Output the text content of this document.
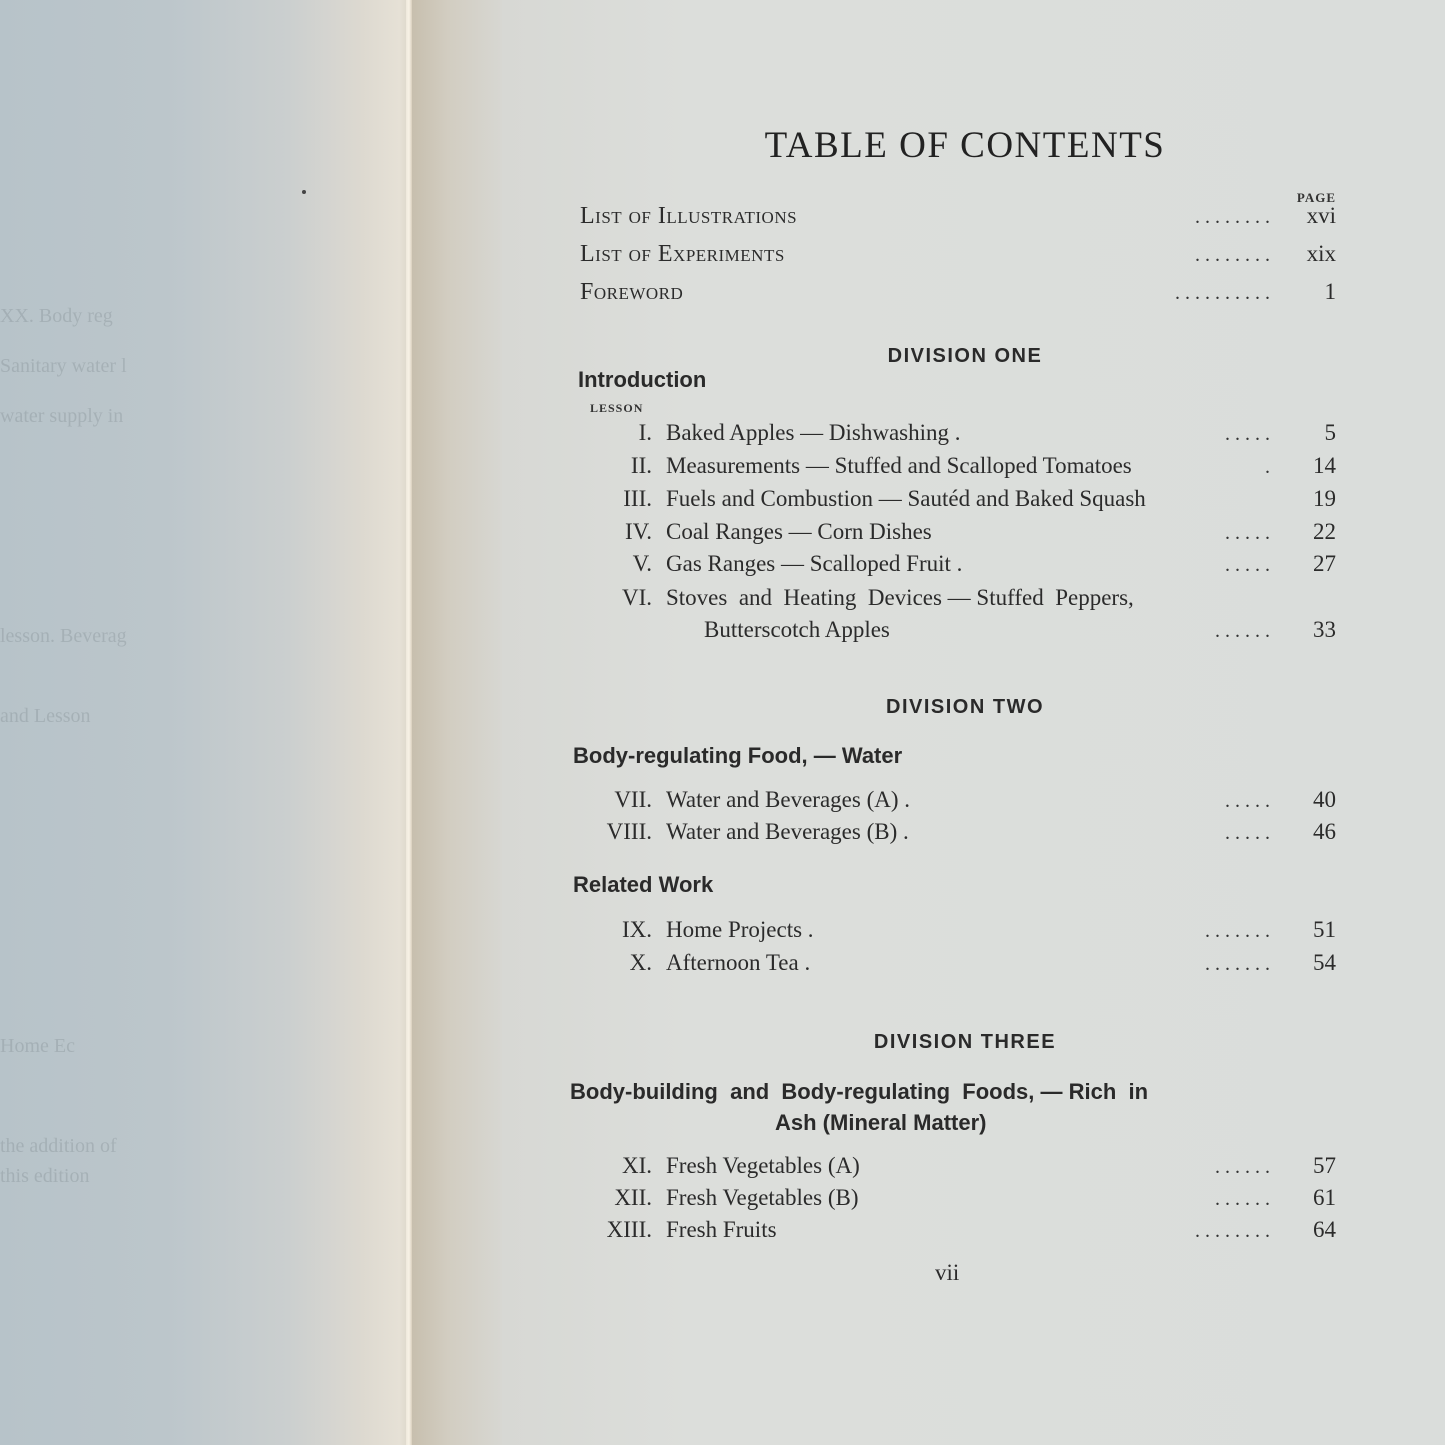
XX. Body reg
Sanitary water l
water supply in
lesson. Beverag
and Lesson
Home Ec
the addition of
this edition
TABLE OF CONTENTS
PAGE
List of Illustrations	. . . . . . . .	xvi
List of Experiments	. . . . . . . .	xix
Foreword	. . . . . . . . . .	1
DIVISION ONE
Introduction
LESSON
I. Baked Apples — Dishwashing .	. . . . .	5
II. Measurements — Stuffed and Scalloped Tomatoes	.	14
III. Fuels and Combustion — Sautéd and Baked Squash	19
IV. Coal Ranges — Corn Dishes	. . . . .	22
V. Gas Ranges — Scalloped Fruit .	. . . . .	27
VI. Stoves  and  Heating  Devices — Stuffed  Peppers,
Butterscotch Apples	. . . . . .	33
DIVISION TWO
Body-regulating Food, — Water
VII. Water and Beverages (A) .	. . . . .	40
VIII. Water and Beverages (B) .	. . . . .	46
Related Work
IX. Home Projects .	. . . . . . .	51
X. Afternoon Tea .	. . . . . . .	54
DIVISION THREE
Body-building  and  Body-regulating  Foods, — Rich  in
Ash (Mineral Matter)
XI. Fresh Vegetables (A)	. . . . . .	57
XII. Fresh Vegetables (B)	. . . . . .	61
XIII. Fresh Fruits	. . . . . . . .	64
vii
